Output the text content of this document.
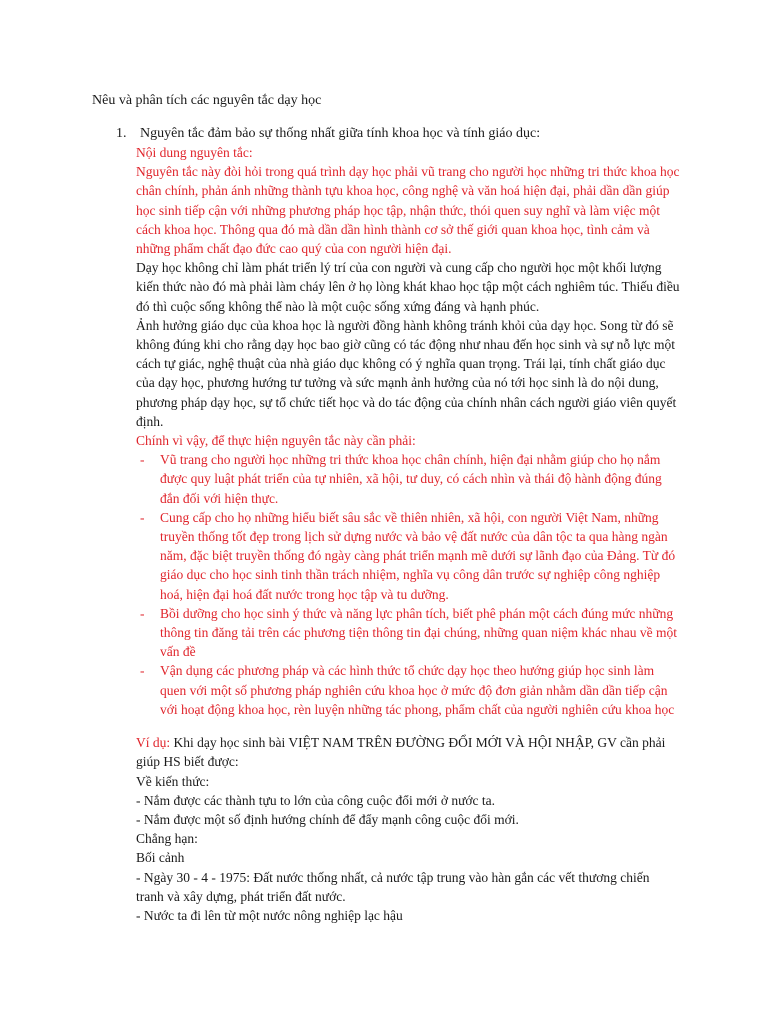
Nêu và phân tích các nguyên tắc dạy học
1. Nguyên tắc đảm bảo sự thống nhất giữa tính khoa học và tính giáo dục:

Nội dung nguyên tắc:

Nguyên tắc này đòi hỏi trong quá trình dạy học phải vũ trang cho người học những tri thức khoa học chân chính, phản ánh những thành tựu khoa học, công nghệ và văn hoá hiện đại, phải dần dần giúp học sinh tiếp cận với những phương pháp học tập, nhận thức, thói quen suy nghĩ và làm việc một cách khoa học. Thông qua đó mà dần dần hình thành cơ sở thế giới quan khoa học, tình cảm và những phẩm chất đạo đức cao quý của con người hiện đại.

Dạy học không chỉ làm phát triển lý trí của con người và cung cấp cho người học một khối lượng kiến thức nào đó mà phải làm cháy lên ở họ lòng khát khao học tập một cách nghiêm túc. Thiếu điều đó thì cuộc sống không thể nào là một cuộc sống xứng đáng và hạnh phúc.

Ảnh hưởng giáo dục của khoa học là người đồng hành không tránh khỏi của dạy học. Song từ đó sẽ không đúng khi cho rằng dạy học bao giờ cũng có tác động như nhau đến học sinh và sự nỗ lực một cách tự giác, nghệ thuật của nhà giáo dục không có ý nghĩa quan trọng. Trái lại, tính chất giáo dục của dạy học, phương hướng tư tưởng và sức mạnh ảnh hưởng của nó tới học sinh là do nội dung, phương pháp dạy học, sự tổ chức tiết học và do tác động của chính nhân cách người giáo viên quyết định.

Chính vì vậy, để thực hiện nguyên tắc này cần phải:

- Vũ trang cho người học những tri thức khoa học chân chính, hiện đại nhằm giúp cho họ nắm được quy luật phát triển của tự nhiên, xã hội, tư duy, có cách nhìn và thái độ hành động đúng đắn đối với hiện thực.
- Cung cấp cho họ những hiểu biết sâu sắc về thiên nhiên, xã hội, con người Việt Nam, những truyền thống tốt đẹp trong lịch sử dựng nước và bảo vệ đất nước của dân tộc ta qua hàng ngàn năm, đặc biệt truyền thống đó ngày càng phát triển mạnh mẽ dưới sự lãnh đạo của Đảng. Từ đó giáo dục cho học sinh tinh thần trách nhiệm, nghĩa vụ công dân trước sự nghiệp công nghiệp hoá, hiện đại hoá đất nước trong học tập và tu dưỡng.
- Bồi dưỡng cho học sinh ý thức và năng lực phân tích, biết phê phán một cách đúng mức những thông tin đăng tải trên các phương tiện thông tin đại chúng, những quan niệm khác nhau về một vấn đề
- Vận dụng các phương pháp và các hình thức tổ chức dạy học theo hướng giúp học sinh làm quen với một số phương pháp nghiên cứu khoa học ở mức độ đơn giản nhằm dần dần tiếp cận với hoạt động khoa học, rèn luyện những tác phong, phẩm chất của người nghiên cứu khoa học

Ví dụ: Khi dạy học sinh bài VIỆT NAM TRÊN ĐƯỜNG ĐỔI MỚI VÀ HỘI NHẬP, GV cần phải giúp HS biết được:

Về kiến thức:

- Nắm được các thành tựu to lớn của công cuộc đổi mới ở nước ta.

- Nắm được một số định hướng chính để đẩy mạnh công cuộc đổi mới.

Chẳng hạn:

Bối cảnh

- Ngày 30 - 4 - 1975: Đất nước thống nhất, cả nước tập trung vào hàn gắn các vết thương chiến tranh và xây dựng, phát triển đất nước.

- Nước ta đi lên từ một nước nông nghiệp lạc hậu
